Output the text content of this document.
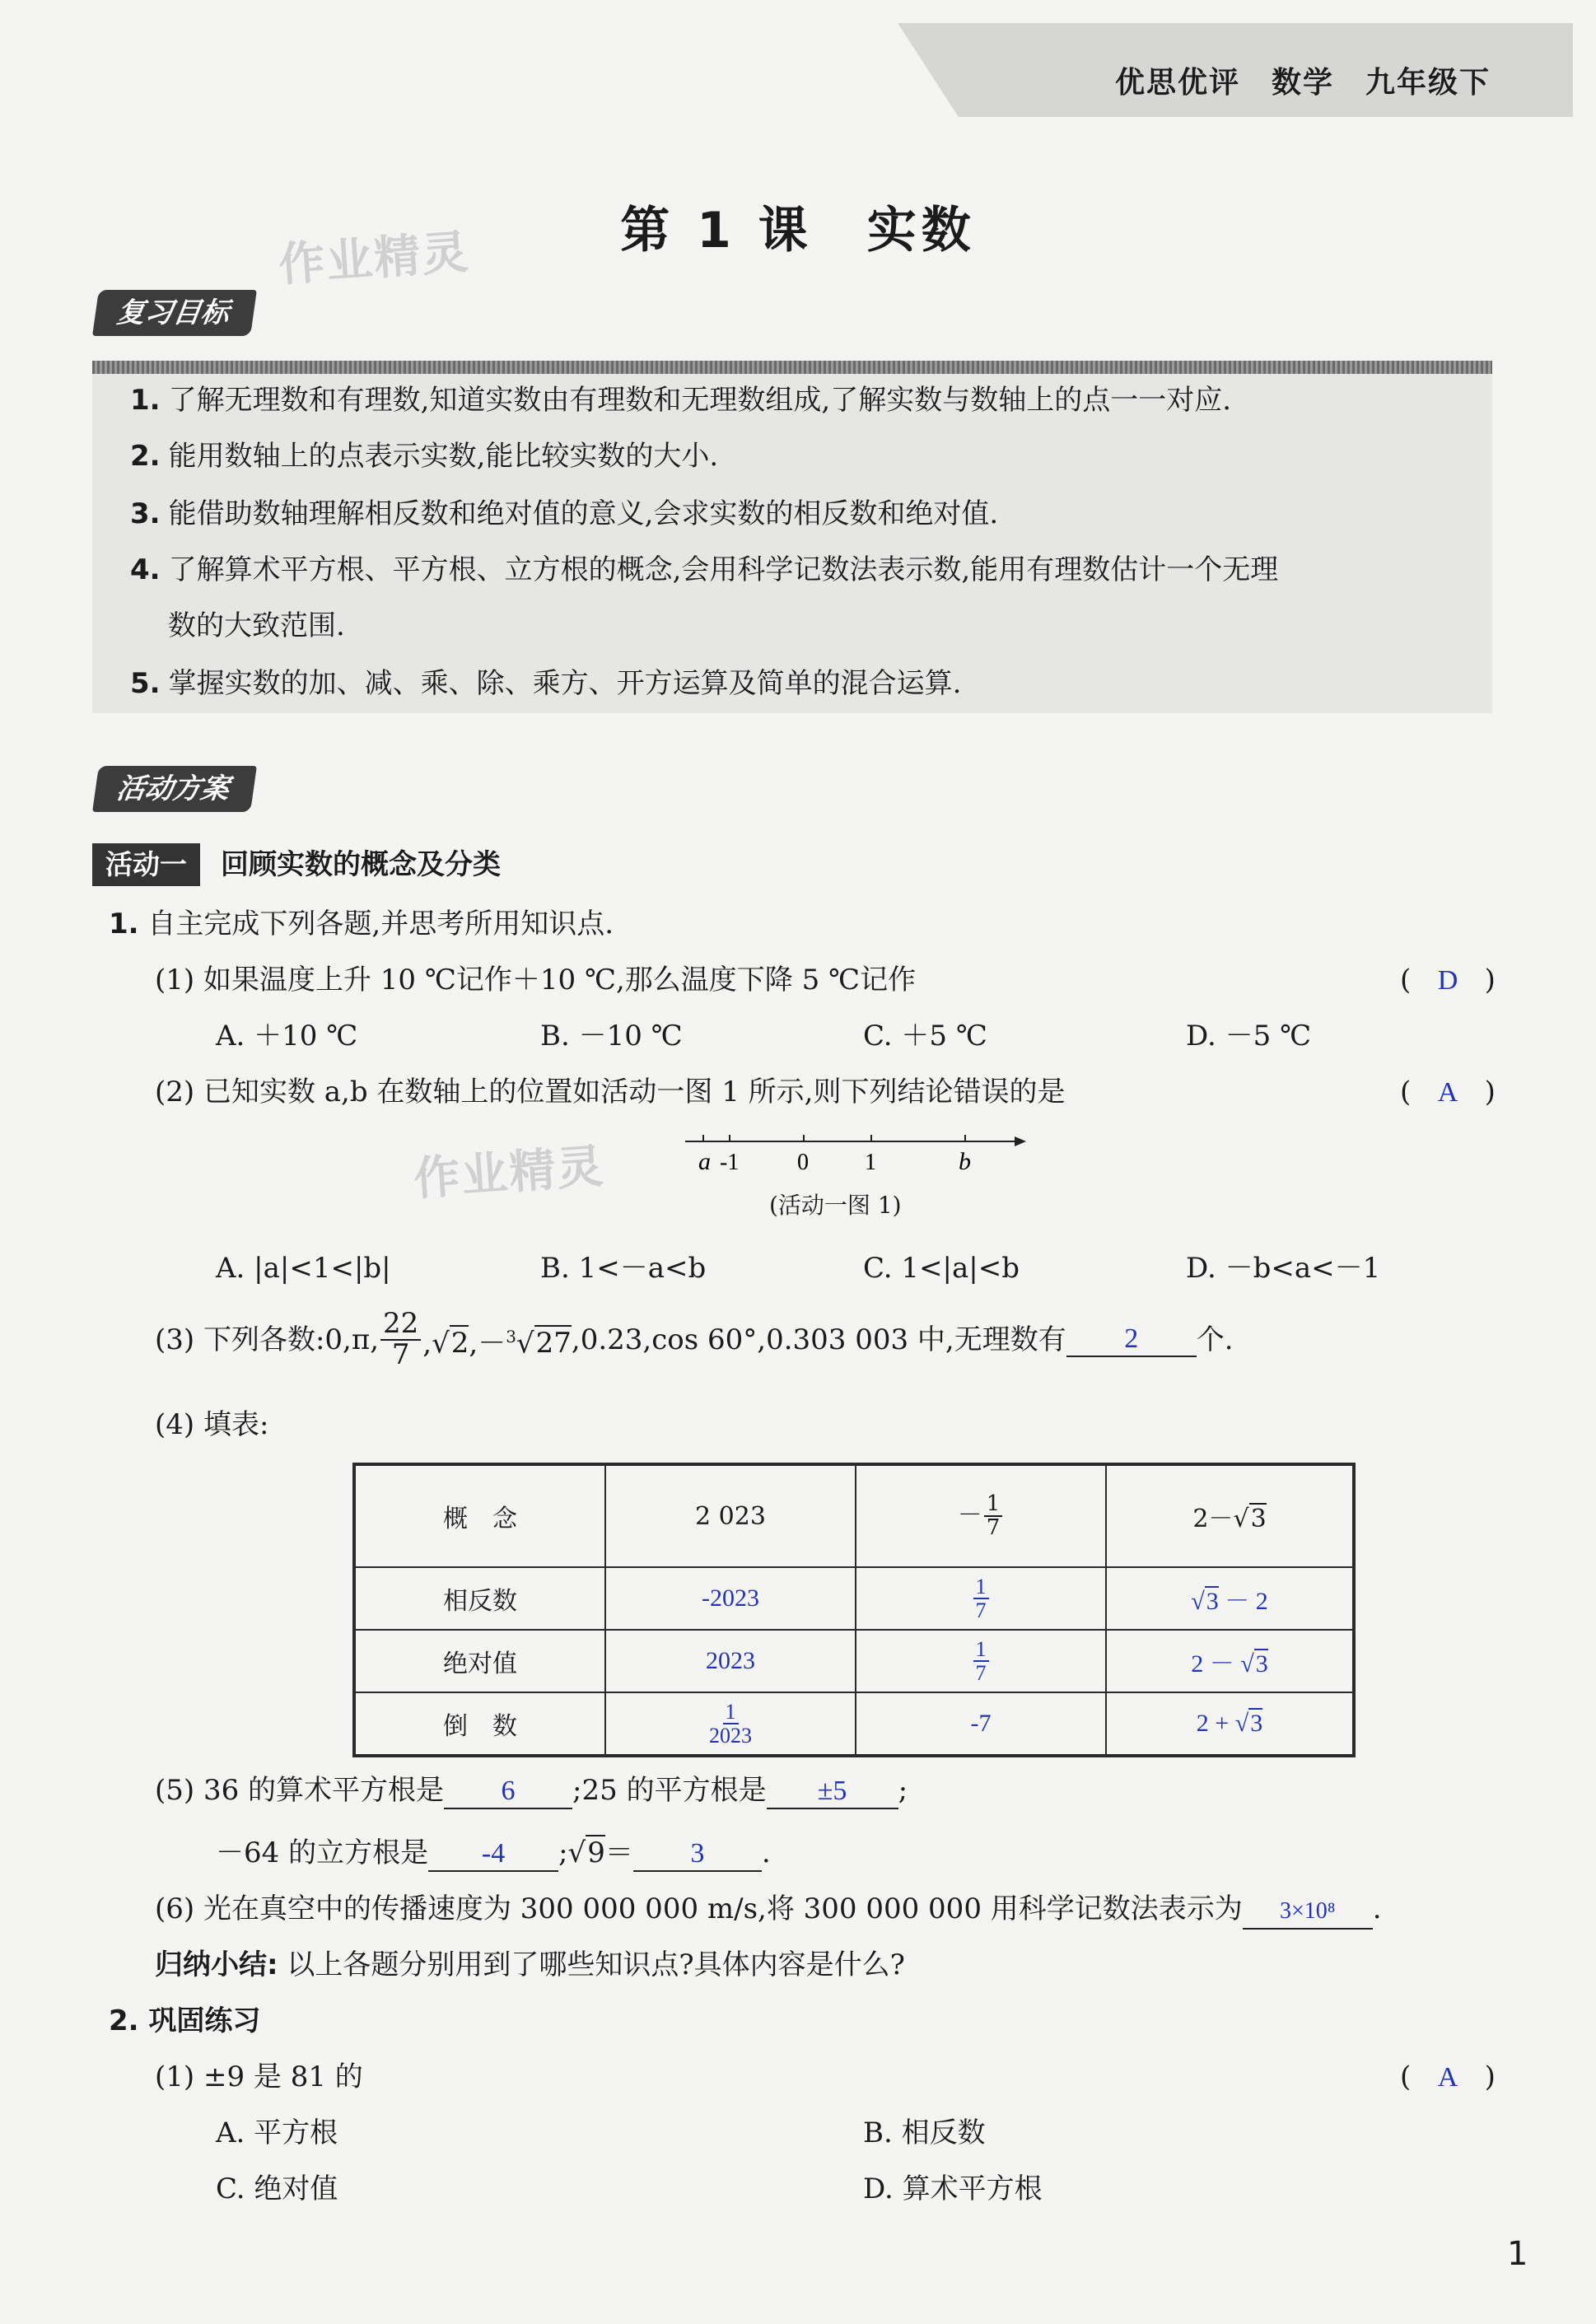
优思优评　数学　九年级下
第 1 课　实数
作业精灵
复习目标
1. 了解无理数和有理数,知道实数由有理数和无理数组成,了解实数与数轴上的点一一对应.
2. 能用数轴上的点表示实数,能比较实数的大小.
3. 能借助数轴理解相反数和绝对值的意义,会求实数的相反数和绝对值.
4. 了解算术平方根、平方根、立方根的概念,会用科学记数法表示数,能用有理数估计一个无理
数的大致范围.
5. 掌握实数的加、减、乘、除、乘方、开方运算及简单的混合运算.
活动方案
活动一	回顾实数的概念及分类
1. 自主完成下列各题,并思考所用知识点.
(1) 如果温度上升 10 ℃记作＋10 ℃,那么温度下降 5 ℃记作	(   D   )
A. ＋10 ℃	B. －10 ℃	C. ＋5 ℃	D. －5 ℃
(2) 已知实数 a,b 在数轴上的位置如活动一图 1 所示,则下列结论错误的是	(   A   )
作业精灵	a -1	0 1	b
(活动一图 1)
A. |a|<1<|b|	B. 1<－a<b	C. 1<|a|<b	D. －b<a<－1
(3) 下列各数:0,π, $\frac{22}{7} ,√2,-^3√27$ ,0.23,cos 60°,0.303 003 中,无理数有	2	个.
(4) 填表:
概　念	2 023	－ $\frac{1}{7}$	2－√3
相反数	-2023	$\frac{1}{7}$	√3 － 2
绝对值	2023	$\frac{1}{7}$	2 － √3
倒　数	$\frac{1}{2023}$	-7	2 + √3
(5) 36 的算术平方根是 6 ;25 的平方根是 ±5 ;
－64 的立方根是 -4 ;√9＝ 3 .
(6) 光在真空中的传播速度为 300 000 000 m/s,将 300 000 000 用科学记数法表示为 3×10⁸ .
归纳小结: 以上各题分别用到了哪些知识点?具体内容是什么?
2. 巩固练习
(1) ±9 是 81 的	(   A   )
A. 平方根	B. 相反数
C. 绝对值	D. 算术平方根
1
